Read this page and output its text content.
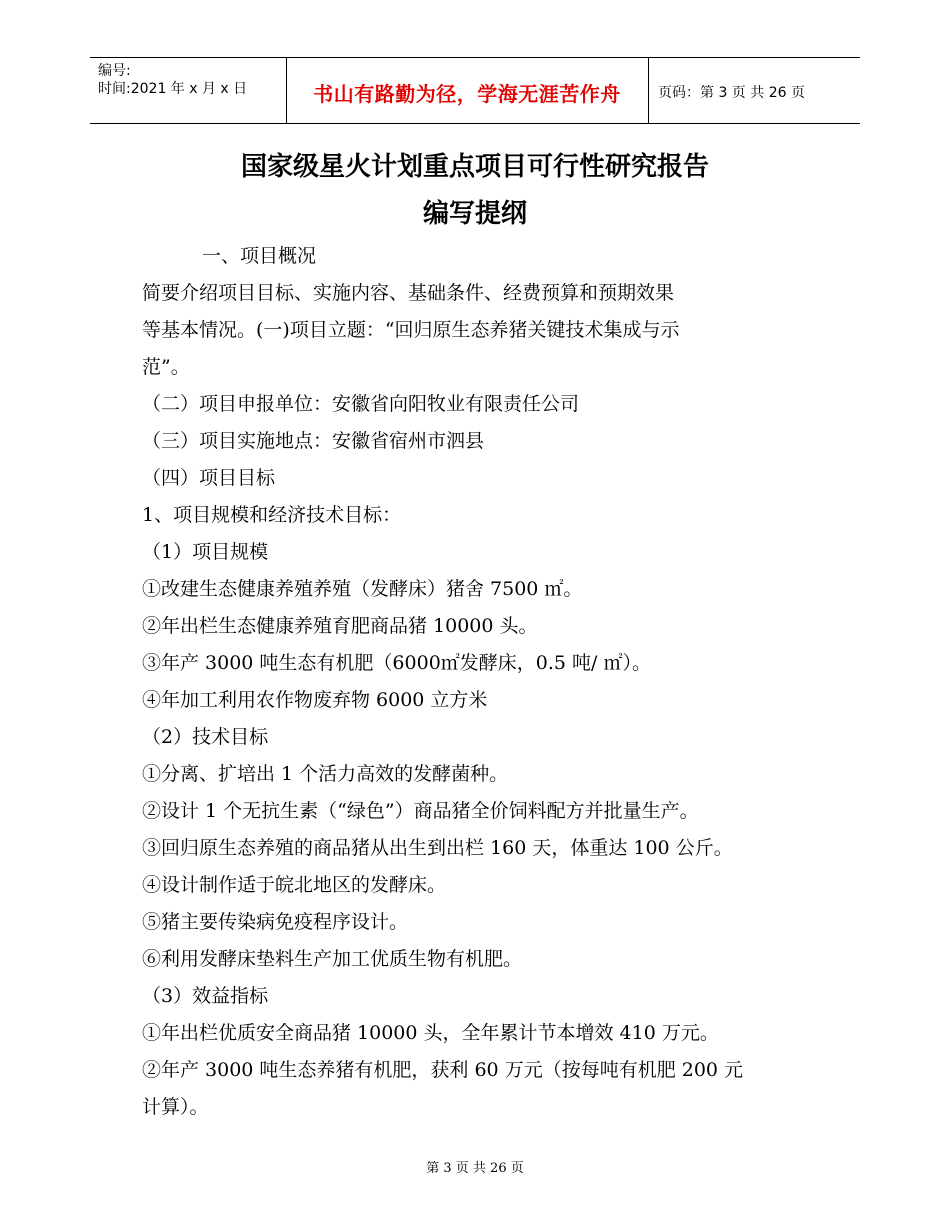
编号:
时间:2021 年 x 月 x 日	书山有路勤为径，学海无涯苦作舟	页码：第 3 页 共 26 页
国家级星火计划重点项目可行性研究报告
编写提纲

一、项目概况

简要介绍项目目标、实施内容、基础条件、经费预算和预期效果

等基本情况。(一)项目立题：“回归原生态养猪关键技术集成与示

范”。

（二）项目申报单位：安徽省向阳牧业有限责任公司

（三）项目实施地点：安徽省宿州市泗县

（四）项目目标

1、项目规模和经济技术目标：

（1）项目规模

①改建生态健康养殖养殖（发酵床）猪舍 7500 ㎡。

②年出栏生态健康养殖育肥商品猪 10000 头。

③年产 3000 吨生态有机肥（6000㎡发酵床，0.5 吨/ ㎡）。

④年加工利用农作物废弃物 6000 立方米

（2）技术目标

①分离、扩培出 1 个活力高效的发酵菌种。

②设计 1 个无抗生素（“绿色”）商品猪全价饲料配方并批量生产。

③回归原生态养殖的商品猪从出生到出栏 160 天，体重达 100 公斤。

④设计制作适于皖北地区的发酵床。

⑤猪主要传染病免疫程序设计。

⑥利用发酵床垫料生产加工优质生物有机肥。

（3）效益指标

①年出栏优质安全商品猪 10000 头，全年累计节本增效 410 万元。

②年产 3000 吨生态养猪有机肥，获利 60 万元（按每吨有机肥 200 元

计算）。

第 3 页 共 26 页
